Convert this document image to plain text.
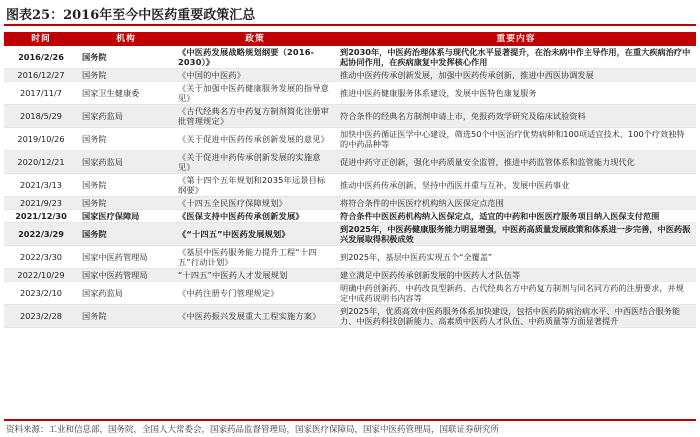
图表25：2016年至今中医药重要政策汇总
时间	机构	政策	重要内容
2016/2/26	国务院	《中医药发展战略规划纲要（2016-2030）》	到2030年，中医药治理体系与现代化水平显著提升，在治未病中作主导作用，在重大疾病治疗中起协同作用，在疾病康复中发挥核心作用
2016/12/27	国务院	《中国的中医药》	推动中医药传承创新发展，加强中医药传承创新，推进中西医协调发展
2017/11/7	国家卫生健康委	《关于加强中医药健康服务发展的指导意见》	推进中医药健康服务体系建设，发展中医特色康复服务
2018/5/29	国家药监局	《古代经典名方中药复方制剂简化注册审批管理规定》	符合条件的经典名方制剂申请上市，免报药效学研究及临床试验资料
2019/10/26	国务院	《关于促进中医药传承创新发展的意见》	加快中医药循证医学中心建设，筛选50个中医治疗优势病种和100项适宜技术、100个疗效独特的中药品种等
2020/12/21	国家药监局	《关于促进中药传承创新发展的实施意见》	促进中药守正创新，强化中药质量安全监管，推进中药监管体系和监管能力现代化
2021/3/13	国务院	《第十四个五年规划和2035年远景目标纲要》	推动中医药传承创新，坚持中西医并重与互补，发展中医药事业
2021/9/23	国务院	《十四五全民医疗保障规划》	将符合条件的中医医疗机构纳入医保定点范围
2021/12/30	国家医疗保障局	《医保支持中医药传承创新发展》	符合条件中医医药机构纳入医保定点，适宜的中药和中医医疗服务项目纳入医保支付范围
2022/3/29	国务院	《“十四五”中医药发展规划》	到2025年，中医药健康服务能力明显增强，中医药高质量发展政策和体系进一步完善，中医药振兴发展取得积极成效
2022/3/30	国家中医药管理局	《基层中医药服务能力提升工程“十四五”行动计划》	到2025年，基层中医药实现五个“全覆盖”
2022/10/29	国家中医药管理局	“十四五”中医药人才发展规划	建立满足中医药传承创新发展的中医药人才队伍等
2023/2/10	国家药监局	《中药注册专门管理规定》	明确中药创新药、中药改良型新药、古代经典名方中药复方制剂与同名同方药的注册要求，并规定中成药说明书内容等
2023/2/28	国务院	《中医药振兴发展重大工程实施方案》	到2025年，优质高效中医药服务体系加快建设，包括中医药防病治病水平、中西医结合服务能力、中医药科技创新能力、高素质中医药人才队伍、中药质量等方面显著提升
资料来源：工业和信息部，国务院，全国人大常委会，国家药品监督管理局，国家医疗保障局，国家中医药管理局，国联证券研究所
